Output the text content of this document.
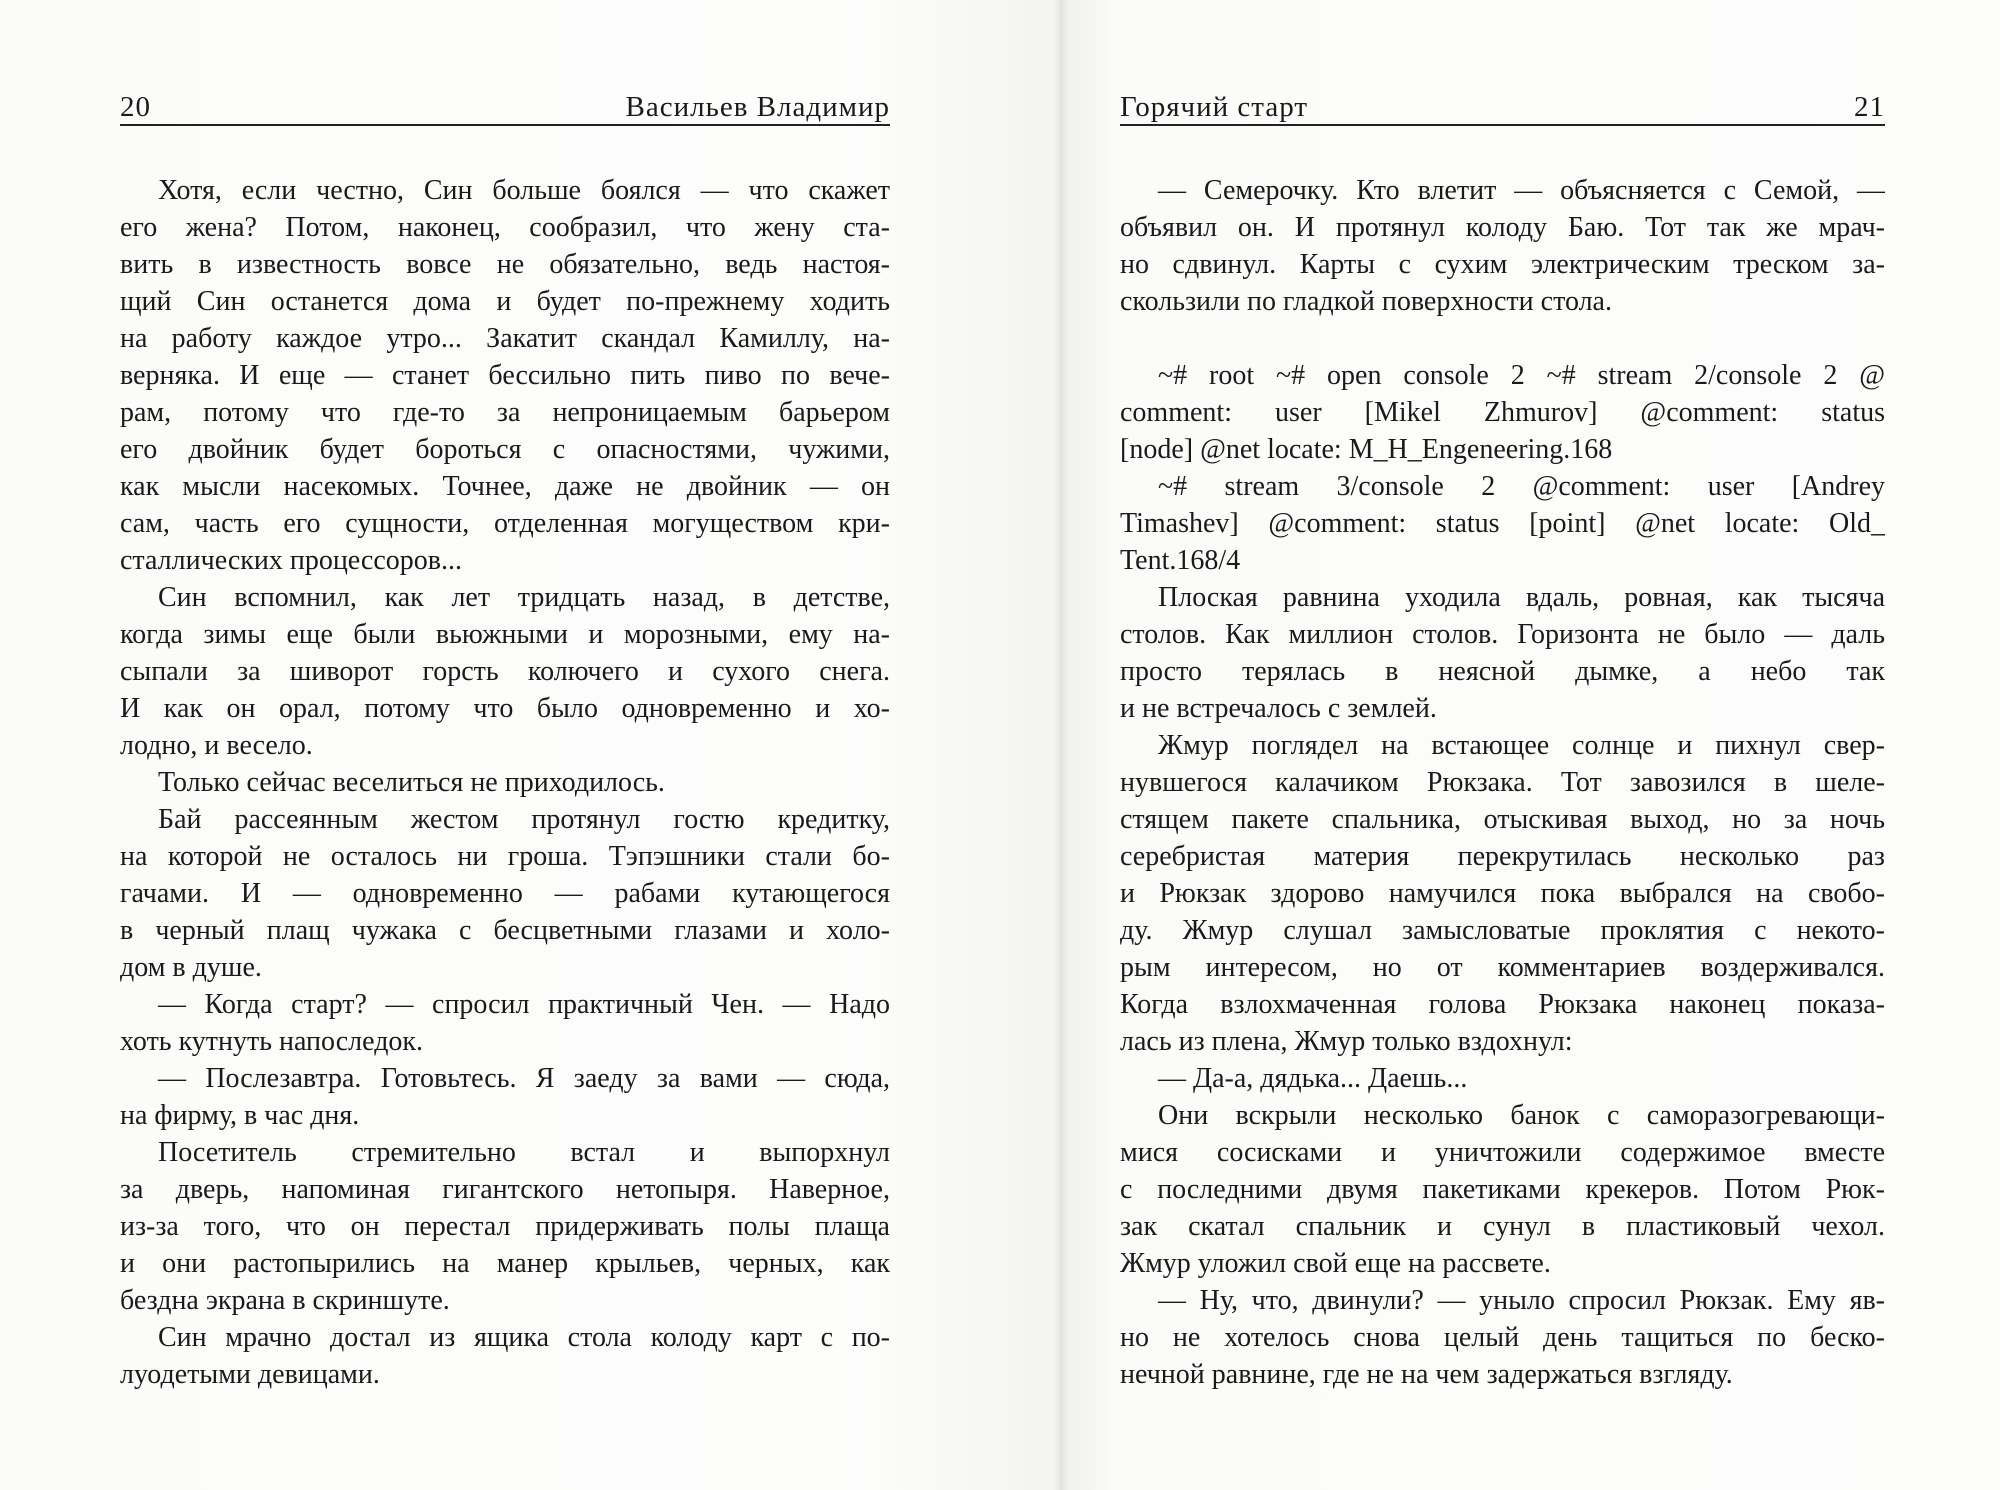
20	Васильев Владимир	Горячий старт	21
Хотя, если честно, Син больше боялся — что скажет
его жена? Потом, наконец, сообразил, что жену ста-
вить в известность вовсе не обязательно, ведь настоя-
щий Син останется дома и будет по-прежнему ходить
на работу каждое утро... Закатит скандал Камиллу, на-
верняка. И еще — станет бессильно пить пиво по вече-
рам, потому что где-то за непроницаемым барьером
его двойник будет бороться с опасностями, чужими,
как мысли насекомых. Точнее, даже не двойник — он
сам, часть его сущности, отделенная могуществом кри-
сталлических процессоров...
Син вспомнил, как лет тридцать назад, в детстве,
когда зимы еще были вьюжными и морозными, ему на-
сыпали за шиворот горсть колючего и сухого снега.
И как он орал, потому что было одновременно и хо-
лодно, и весело.
Только сейчас веселиться не приходилось.
Бай рассеянным жестом протянул гостю кредитку,
на которой не осталось ни гроша. Тэпэшники стали бо-
гачами. И — одновременно — рабами кутающегося
в черный плащ чужака с бесцветными глазами и холо-
дом в душе.
— Когда старт? — спросил практичный Чен. — Надо
хоть кутнуть напоследок.
— Послезавтра. Готовьтесь. Я заеду за вами — сюда,
на фирму, в час дня.
Посетитель стремительно встал и выпорхнул
за дверь, напоминая гигантского нетопыря. Наверное,
из-за того, что он перестал придерживать полы плаща
и они растопырились на манер крыльев, черных, как
бездна экрана в скриншуте.
Син мрачно достал из ящика стола колоду карт с по-
луодетыми девицами.
— Семерочку. Кто влетит — объясняется с Семой, —
объявил он. И протянул колоду Баю. Тот так же мрач-
но сдвинул. Карты с сухим электрическим треском за-
скользили по гладкой поверхности стола.
~# root ~# open console 2 ~# stream 2/console 2 @
comment: user [Mikel Zhmurov] @comment: status
[node] @net locate: M_H_Engeneering.168
~# stream 3/console 2 @comment: user [Andrey
Timashev] @comment: status [point] @net locate: Old_
Tent.168/4
Плоская равнина уходила вдаль, ровная, как тысяча
столов. Как миллион столов. Горизонта не было — даль
просто терялась в неясной дымке, а небо так
и не встречалось с землей.
Жмур поглядел на встающее солнце и пихнул свер-
нувшегося калачиком Рюкзака. Тот завозился в шеле-
стящем пакете спальника, отыскивая выход, но за ночь
серебристая материя перекрутилась несколько раз
и Рюкзак здорово намучился пока выбрался на свобо-
ду. Жмур слушал замысловатые проклятия с некото-
рым интересом, но от комментариев воздерживался.
Когда взлохмаченная голова Рюкзака наконец показа-
лась из плена, Жмур только вздохнул:
— Да-а, дядька... Даешь...
Они вскрыли несколько банок с саморазогревающи-
мися сосисками и уничтожили содержимое вместе
с последними двумя пакетиками крекеров. Потом Рюк-
зак скатал спальник и сунул в пластиковый чехол.
Жмур уложил свой еще на рассвете.
— Ну, что, двинули? — уныло спросил Рюкзак. Ему яв-
но не хотелось снова целый день тащиться по беско-
нечной равнине, где не на чем задержаться взгляду.
